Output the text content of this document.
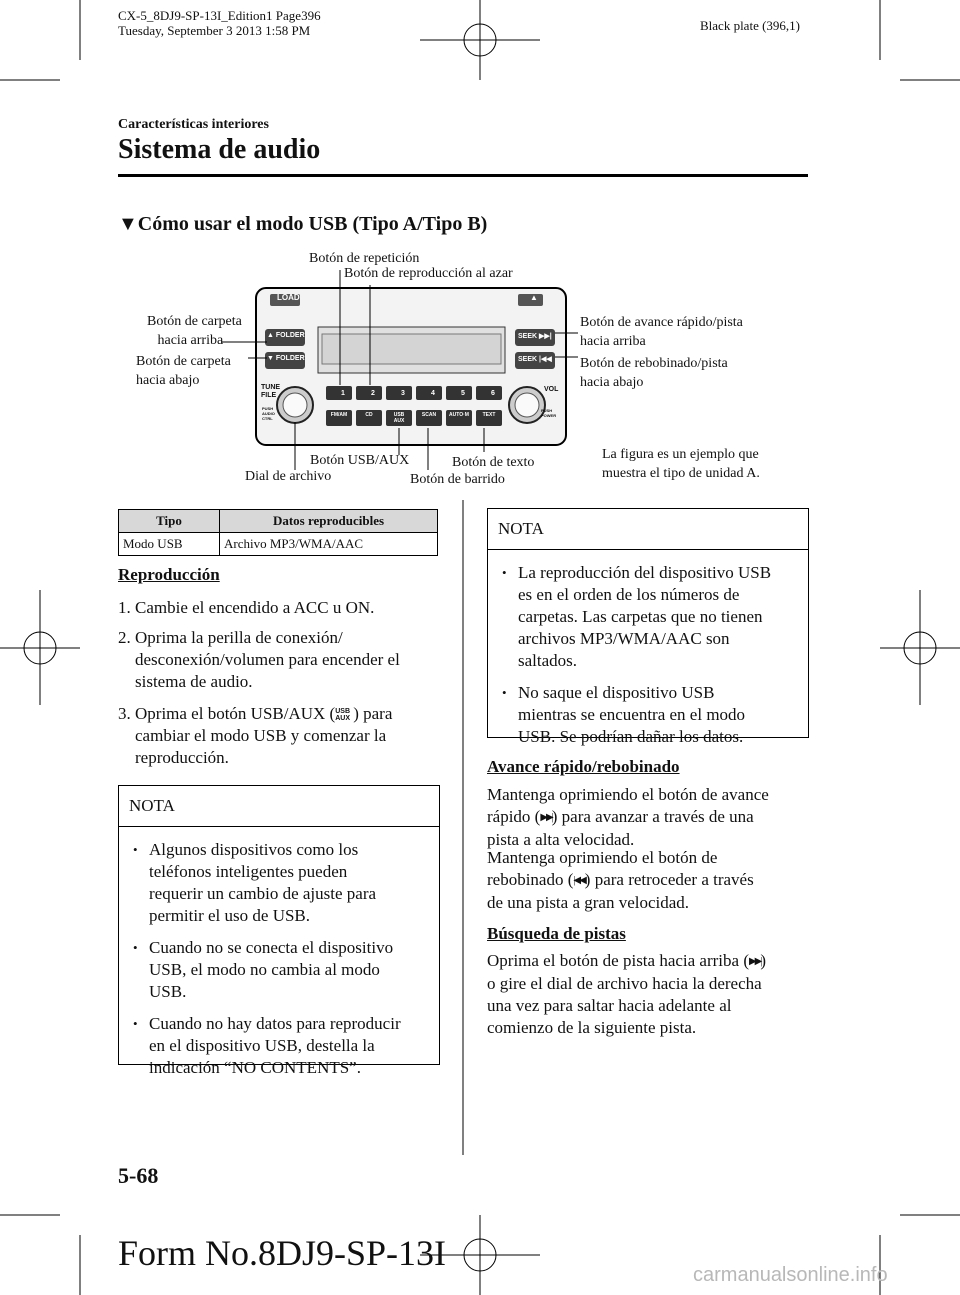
CX-5_8DJ9-SP-13I_Edition1 Page396
Tuesday, September 3 2013 1:58 PM	Black plate (396,1)
Características interiores
Sistema de audio
▼Cómo usar el modo USB (Tipo A/Tipo B)
LOAD	▲
▲ FOLDER
▼ FOLDER
SEEK ▶▶|
SEEK |◀◀
TUNE
FILE
VOL
PUSH
AUDIO
CTRL
PUSH
POWER
1	2	3	4	5	6
FM/AM	CD	USB
AUX
SCAN	AUTO·M	TEXT
Botón de repetición
Botón de reproducción al azar
Botón de carpeta
hacia arriba
Botón de carpeta
hacia abajo
Botón de avance rápido/pista
hacia arriba
Botón de rebobinado/pista
hacia abajo
Botón USB/AUX
Dial de archivo
Botón de texto
Botón de barrido
La figura es un ejemplo que
muestra el tipo de unidad A.
Tipo	Datos reproducibles
Modo USB	Archivo MP3/WMA/AAC
Reproducción
1. Cambie el encendido a ACC u ON.
2. Oprima la perilla de conexión/
desconexión/volumen para encender el
sistema de audio.
3. Oprima el botón USB/AUX (USB AUX ) para
cambiar el modo USB y comenzar la
reproducción.
NOTA
• Algunos dispositivos como los
teléfonos inteligentes pueden
requerir un cambio de ajuste para
permitir el uso de USB.
• Cuando no se conecta el dispositivo
USB, el modo no cambia al modo
USB.
• Cuando no hay datos para reproducir
en el dispositivo USB, destella la
indicación “NO CONTENTS”.
NOTA
• La reproducción del dispositivo USB
es en el orden de los números de
carpetas. Las carpetas que no tienen
archivos MP3/WMA/AAC son
saltados.
• No saque el dispositivo USB
mientras se encuentra en el modo
USB. Se podrían dañar los datos.
Avance rápido/rebobinado
Mantenga oprimiendo el botón de avance
rápido (▶▶|) para avanzar a través de una
pista a alta velocidad.
Mantenga oprimiendo el botón de
rebobinado (|◀◀) para retroceder a través
de una pista a gran velocidad.
Búsqueda de pistas
Oprima el botón de pista hacia arriba (▶▶|)
o gire el dial de archivo hacia la derecha
una vez para saltar hacia adelante al
comienzo de la siguiente pista.
5-68
Form No.8DJ9-SP-13I
carmanualsonline.info
